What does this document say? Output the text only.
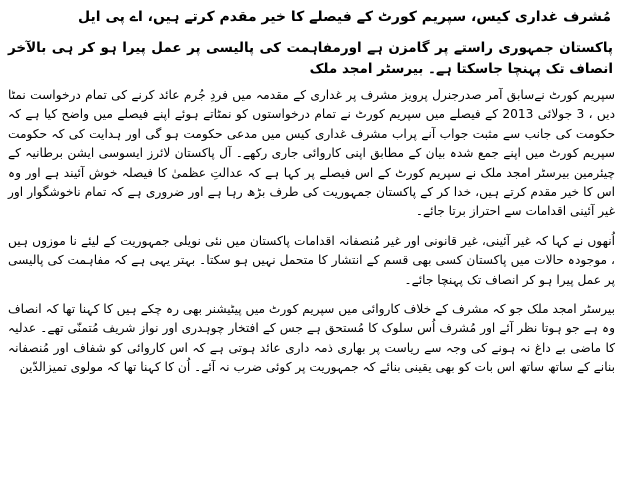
مُشرف غداری کیس، سپریم کورٹ کے فیصلے کا خیر مقدم کرتے ہیں، اے پی ایل
پاکستان جمہوری راستے پر گامزن ہے اورمفاہمت کی پالیسی پر عمل پیرا ہو کر ہی بالآخر انصاف تک پہنچا جاسکتا ہے۔ بیرسٹر امجد ملک
سپریم کورٹ نےسابق آمر صدرجنرل پرویز مشرف پر غداری کے مقدمہ میں فردِ جُرم عائد کرنے کی تمام درخواست نمٹا دیں ، 3 جولائی 2013 کے فیصلے میں سپریم کورٹ نے تمام درخواستوں کو نمٹاتے ہوئے اپنے فیصلے میں واضح کیا ہے کہ حکومت کی جانب سے مثبت جواب آنے پراب مشرف غداری کیس میں مدعی حکومت ہو گی اور ہدایت کی کہ حکومت سپریم کورٹ میں اپنے جمع شدہ بیان کے مطابق اپنی کاروائی جاری رکھے۔ آل پاکستان لائرز ایسوسی ایشن برطانیہ کے چیئرمین بیرسٹر امجد ملک نے سپریم کورٹ کے اس فیصلے پر کہا ہے کہ عدالتِ عظمیٰ کا فیصلہ خوش آئیند ہے اور وہ اس کا خیر مقدم کرتے ہیں، خدا کر کے پاکستان جمہوریت کی طرف بڑھ رہا ہے اور ضروری ہے کہ تمام ناخوشگوار اور غیر آئینی اقدامات سے احتراز برتا جائے۔
اُنھوں نے کہا کہ غیر آئینی، غیر قانونی اور غیر مُنصفانہ اقدامات پاکستان میں نئی نویلی جمہوریت کے لیئے نا موزوں ہیں ، موجودہ حالات میں پاکستان کسی بھی قسم کے انتشار کا متحمل نہیں ہو سکتا۔ بہتر یہی ہے کہ مفاہمت کی پالیسی پر عمل پیرا ہو کر انصاف تک پہنچا جائے۔
بیرسٹر امجد ملک جو کہ مشرف کے خلاف کاروائی میں سپریم کورٹ میں پیٹیشنر بھی رہ چکے ہیں کا کہنا تھا کہ انصاف وہ ہے جو ہوتا نظر آئے اور مُشرف اُس سلوک کا مُستحق ہے جس کے افتخار چوہدری اور نواز شریف مُتمنّی تھے۔ عدلیہ کا ماضی بے داغ نہ ہونے کی وجہ سے ریاست پر بھاری ذمہ داری عائد ہوتی ہے کہ اس کاروائی کو شفاف اور مُنصفانہ بنانے کے ساتھ ساتھ اس بات کو بھی یقینی بنائے کہ جمہوریت پر کوئی ضرب نہ آئے۔ اُن کا کہنا تھا کہ مولوی تمیزالدّین
